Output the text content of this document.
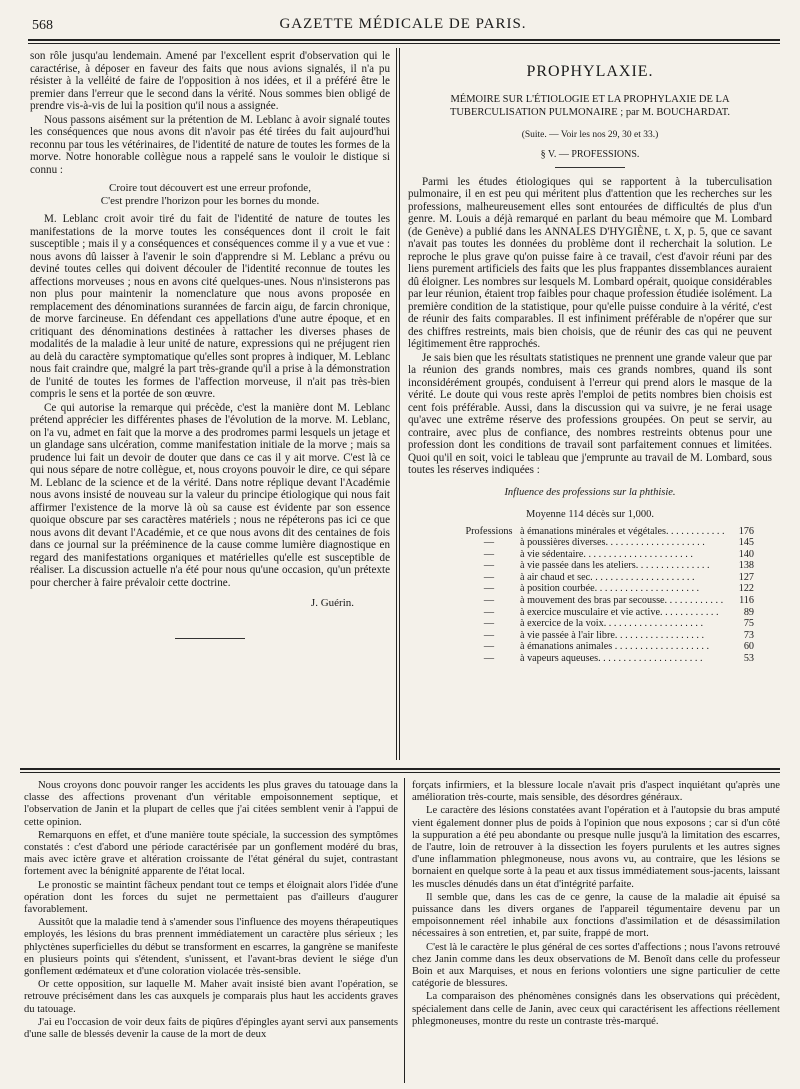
568	GAZETTE MÉDICALE DE PARIS.

son rôle jusqu'au lendemain. Amené par l'excellent esprit d'observation qui le caractérise, à déposer en faveur des faits que nous avions signalés, il n'a pu résister à la velléité de faire de l'opposition à nos idées, et il a préféré être le premier dans l'erreur que le second dans la vérité. Nous sommes bien obligé de prendre vis-à-vis de lui la position qu'il nous a assignée.

Nous passons aisément sur la prétention de M. Leblanc à avoir signalé toutes les conséquences que nous avons dit n'avoir pas été tirées du fait aujourd'hui reconnu par tous les vétérinaires, de l'identité de nature de toutes les formes de la morve. Notre honorable collègue nous a rappelé sans le vouloir le distique si connu :

Croire tout découvert est une erreur profonde,
C'est prendre l'horizon pour les bornes du monde.

M. Leblanc croit avoir tiré du fait de l'identité de nature de toutes les manifestations de la morve toutes les conséquences dont il croit le fait susceptible ; mais il y a conséquences et conséquences comme il y a vue et vue : nous avons dû laisser à l'avenir le soin d'apprendre si M. Leblanc a prévu ou deviné toutes celles qui doivent découler de l'identité reconnue de toutes les affections morveuses ; nous en avons cité quelques-unes. Nous n'insisterons pas non plus pour maintenir la nomenclature que nous avons proposée en remplacement des dénominations surannées de farcin aigu, de farcin chronique, de morve farcineuse. En défendant ces appellations d'une autre époque, et en critiquant des dénominations destinées à rattacher les diverses phases de modalités de la maladie à leur unité de nature, expressions qui ne préjugent rien au delà du caractère symptomatique qu'elles sont propres à indiquer, M. Leblanc nous fait craindre que, malgré la part très-grande qu'il a prise à la démonstration de l'unité de toutes les formes de l'affection morveuse, il n'ait pas très-bien compris le sens et la portée de son œuvre.

Ce qui autorise la remarque qui précède, c'est la manière dont M. Leblanc prétend apprécier les différentes phases de l'évolution de la morve. M. Leblanc, on l'a vu, admet en fait que la morve a des prodromes parmi lesquels un jetage et un glandage sans ulcération, comme manifestation initiale de la morve ; mais sa prudence lui fait un devoir de douter que dans ce cas il y ait morve. C'est là ce qui nous sépare de notre collègue, et, nous croyons pouvoir le dire, ce qui sépare M. Leblanc de la science et de la vérité. Dans notre réplique devant l'Académie nous avons insisté de nouveau sur la valeur du principe étiologique qui nous fait affirmer l'existence de la morve là où sa cause est évidente par son essence quoique obscure par ses caractères matériels ; nous ne répéterons pas ici ce que nous avons dit devant l'Académie, et ce que nous avons dit des centaines de fois dans ce journal sur la prééminence de la cause comme lumière diagnostique en regard des manifestations organiques et matérielles qu'elle est susceptible de réaliser. La discussion actuelle n'a été pour nous qu'une occasion, qu'un prétexte pour chercher à faire prévaloir cette doctrine.

J. Guérin.
PROPHYLAXIE.
MÉMOIRE SUR L'ÉTIOLOGIE ET LA PROPHYLAXIE DE LA TUBERCULISATION PULMONAIRE ; par M. BOUCHARDAT.
(Suite. — Voir les nos 29, 30 et 33.)
§ V. — PROFESSIONS.

Parmi les études étiologiques qui se rapportent à la tuberculisation pulmonaire, il en est peu qui méritent plus d'attention que les recherches sur les professions, malheureusement elles sont entourées de difficultés de plus d'un genre. M. Louis a déjà remarqué en parlant du beau mémoire que M. Lombard (de Genève) a publié dans les ANNALES D'HYGIÈNE, t. X, p. 5, que ce savant n'avait pas toutes les données du problème dont il recherchait la solution. Le reproche le plus grave qu'on puisse faire à ce travail, c'est d'avoir réuni par des liens purement artificiels des faits que les plus frappantes dissemblances auraient dû éloigner. Les nombres sur lesquels M. Lombard opérait, quoique considérables par leur réunion, étaient trop faibles pour chaque profession étudiée isolément. La première condition de la statistique, pour qu'elle puisse conduire à la vérité, c'est de réunir des faits comparables. Il est infiniment préférable de n'opérer que sur des chiffres restreints, mais bien choisis, que de réunir des cas qui ne peuvent légitimement être rapprochés.

Je sais bien que les résultats statistiques ne prennent une grande valeur que par la réunion des grands nombres, mais ces grands nombres, quand ils sont inconsidérément groupés, conduisent à l'erreur qui prend alors le masque de la vérité. Le doute qui vous reste après l'emploi de petits nombres bien choisis est cent fois préférable. Aussi, dans la discussion qui va suivre, je ne ferai usage qu'avec une extrême réserve des professions groupées. On peut se servir, au contraire, avec plus de confiance, des nombres restreints obtenus pour une profession dont les conditions de travail sont parfaitement connues et limitées. Quoi qu'il en soit, voici le tableau que j'emprunte au travail de M. Lombard, sous toutes les réserves indiquées :

Influence des professions sur la phthisie.
Moyenne 114 décès sur 1,000.
Professions	à émanations minérales et végétales. . . . . . . . . . . .	176
—	à poussières diverses. . . . . . . . . . . . . . . . . . . .	145
—	à vie sédentaire. . . . . . . . . . . . . . . . . . . . . .	140
—	à vie passée dans les ateliers. . . . . . . . . . . . . . .	138
—	à air chaud et sec. . . . . . . . . . . . . . . . . . . . .	127
—	à position courbée. . . . . . . . . . . . . . . . . . . . .	122
—	à mouvement des bras par secousse. . . . . . . . . . . .	116
—	à exercice musculaire et vie active. . . . . . . . . . . .	89
—	à exercice de la voix. . . . . . . . . . . . . . . . . . . .	75
—	à vie passée à l'air libre. . . . . . . . . . . . . . . . . .	73
—	à émanations animales . . . . . . . . . . . . . . . . . . .	60
—	à vapeurs aqueuses. . . . . . . . . . . . . . . . . . . . .	53

Nous croyons donc pouvoir ranger les accidents les plus graves du tatouage dans la classe des affections provenant d'un véritable empoisonnement septique, et l'observation de Janin et la plupart de celles que j'ai citées semblent venir à l'appui de cette opinion.

Remarquons en effet, et d'une manière toute spéciale, la succession des symptômes constatés : c'est d'abord une période caractérisée par un gonflement modéré du bras, mais avec ictère grave et altération croissante de l'état général du sujet, contrastant fortement avec la bénignité apparente de l'état local.

Le pronostic se maintint fâcheux pendant tout ce temps et éloignait alors l'idée d'une opération dont les forces du sujet ne permettaient pas d'ailleurs d'augurer favorablement.

Aussitôt que la maladie tend à s'amender sous l'influence des moyens thérapeutiques employés, les lésions du bras prennent immédiatement un caractère plus sérieux ; les phlyctènes superficielles du début se transforment en escarres, la gangrène se manifeste en plusieurs points qui s'étendent, s'unissent, et l'avant-bras devient le siége d'un gonflement œdémateux et d'une coloration violacée très-sensible.

Or cette opposition, sur laquelle M. Maher avait insisté bien avant l'opération, se retrouve précisément dans les cas auxquels je comparais plus haut les accidents graves du tatouage.

J'ai eu l'occasion de voir deux faits de piqûres d'épingles ayant servi aux pansements d'une salle de blessés devenir la cause de la mort de deux

forçats infirmiers, et la blessure locale n'avait pris d'aspect inquiétant qu'après une amélioration très-courte, mais sensible, des désordres généraux.

Le caractère des lésions constatées avant l'opération et à l'autopsie du bras amputé vient également donner plus de poids à l'opinion que nous exposons ; car si d'un côté la suppuration a été peu abondante ou presque nulle jusqu'à la limitation des escarres, de l'autre, loin de retrouver à la dissection les foyers purulents et les autres signes d'une inflammation phlegmoneuse, nous avons vu, au contraire, que les lésions se bornaient en quelque sorte à la peau et aux tissus immédiatement sous-jacents, laissant les muscles dénudés dans un état d'intégrité parfaite.

Il semble que, dans les cas de ce genre, la cause de la maladie ait épuisé sa puissance dans les divers organes de l'appareil tégumentaire devenu par un empoisonnement réel inhabile aux fonctions d'assimilation et de désassimilation nécessaires à son entretien, et, par suite, frappé de mort.

C'est là le caractère le plus général de ces sortes d'affections ; nous l'avons retrouvé chez Janin comme dans les deux observations de M. Benoît dans celle du professeur Boin et aux Marquises, et nous en ferions volontiers une signe particulier de cette catégorie de blessures.

La comparaison des phénomènes consignés dans les observations qui précèdent, spécialement dans celle de Janin, avec ceux qui caractérisent les affections réellement phlegmoneuses, montre du reste un contraste très-marqué.
